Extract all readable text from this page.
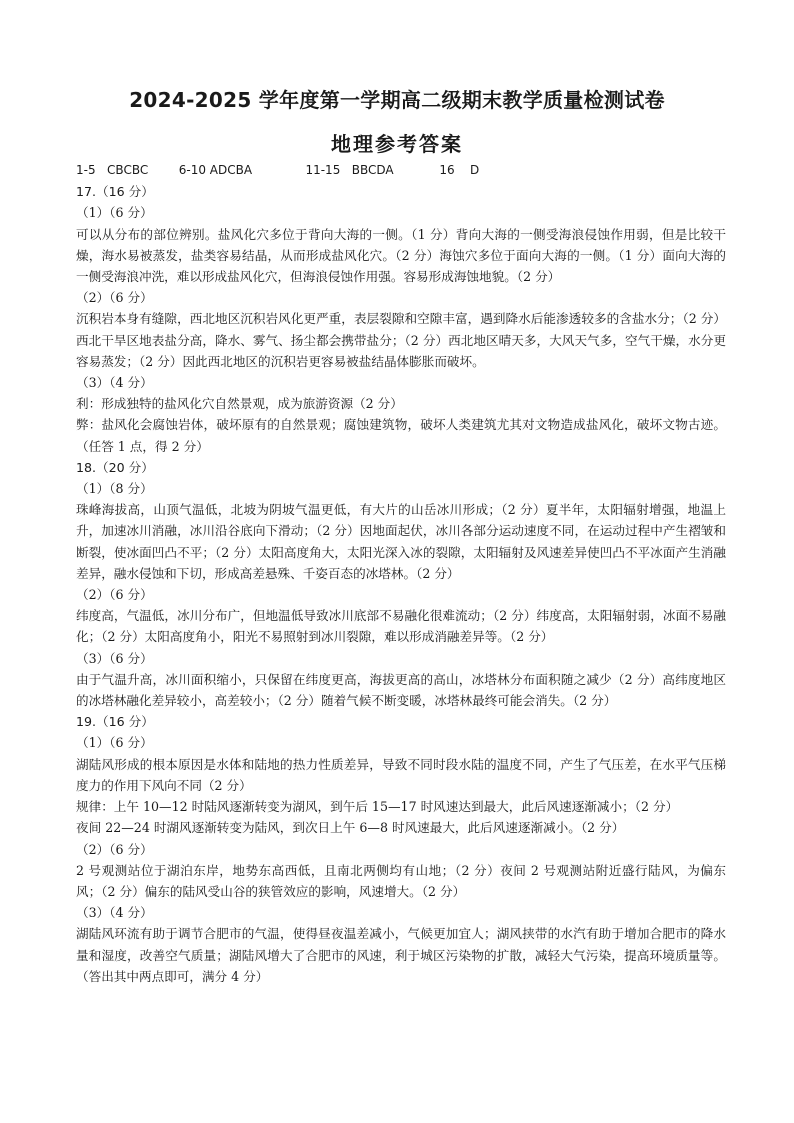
2024-2025 学年度第一学期高二级期末教学质量检测试卷
地理参考答案

1-5   CBCBC        6-10 ADCBA              11-15   BBCDA            16    D

17.（16 分）

（1）（6 分）

可以从分布的部位辨别。盐风化穴多位于背向大海的一侧。（1 分）背向大海的一侧受海浪侵蚀作用弱，但是比较干燥，海水易被蒸发，盐类容易结晶，从而形成盐风化穴。（2 分）海蚀穴多位于面向大海的一侧。（1 分）面向大海的一侧受海浪冲洗，难以形成盐风化穴，但海浪侵蚀作用强。容易形成海蚀地貌。（2 分）

（2）（6 分）

沉积岩本身有缝隙，西北地区沉积岩风化更严重，表层裂隙和空隙丰富，遇到降水后能渗透较多的含盐水分；（2 分）西北干旱区地表盐分高，降水、雾气、扬尘都会携带盐分；（2 分）西北地区晴天多，大风天气多，空气干燥，水分更容易蒸发；（2 分）因此西北地区的沉积岩更容易被盐结晶体膨胀而破坏。

（3）（4 分）

利：形成独特的盐风化穴自然景观，成为旅游资源（2 分）

弊：盐风化会腐蚀岩体，破坏原有的自然景观；腐蚀建筑物，破坏人类建筑尤其对文物造成盐风化，破坏文物古迹。（任答 1 点，得 2 分）

18.（20 分）

（1）（8 分）

珠峰海拔高，山顶气温低，北坡为阴坡气温更低，有大片的山岳冰川形成；（2 分）夏半年，太阳辐射增强，地温上升，加速冰川消融，冰川沿谷底向下滑动；（2 分）因地面起伏，冰川各部分运动速度不同，在运动过程中产生褶皱和断裂，使冰面凹凸不平；（2 分）太阳高度角大，太阳光深入冰的裂隙，太阳辐射及风速差异使凹凸不平冰面产生消融差异，融水侵蚀和下切，形成高差悬殊、千姿百态的冰塔林。（2 分）

（2）（6 分）

纬度高，气温低，冰川分布广，但地温低导致冰川底部不易融化很难流动；（2 分）纬度高，太阳辐射弱，冰面不易融化；（2 分）太阳高度角小，阳光不易照射到冰川裂隙，难以形成消融差异等。（2 分）

（3）（6 分）

由于气温升高，冰川面积缩小，只保留在纬度更高，海拔更高的高山，冰塔林分布面积随之减少（2 分）高纬度地区的冰塔林融化差异较小，高差较小；（2 分）随着气候不断变暖，冰塔林最终可能会消失。（2 分）

19.（16 分）

（1）（6 分）

湖陆风形成的根本原因是水体和陆地的热力性质差异，导致不同时段水陆的温度不同，产生了气压差，在水平气压梯度力的作用下风向不同（2 分）

规律：上午 10—12 时陆风逐渐转变为湖风，到午后 15—17 时风速达到最大，此后风速逐渐减小；（2 分）

夜间 22—24 时湖风逐渐转变为陆风，到次日上午 6—8 时风速最大，此后风速逐渐减小。（2 分）

（2）（6 分）

2 号观测站位于湖泊东岸，地势东高西低，且南北两侧均有山地；（2 分）夜间 2 号观测站附近盛行陆风，为偏东风；（2 分）偏东的陆风受山谷的狭管效应的影响，风速增大。（2 分）

（3）（4 分）

湖陆风环流有助于调节合肥市的气温，使得昼夜温差减小，气候更加宜人；湖风挟带的水汽有助于增加合肥市的降水量和湿度，改善空气质量；湖陆风增大了合肥市的风速，利于城区污染物的扩散，减轻大气污染，提高环境质量等。（答出其中两点即可，满分 4 分）
